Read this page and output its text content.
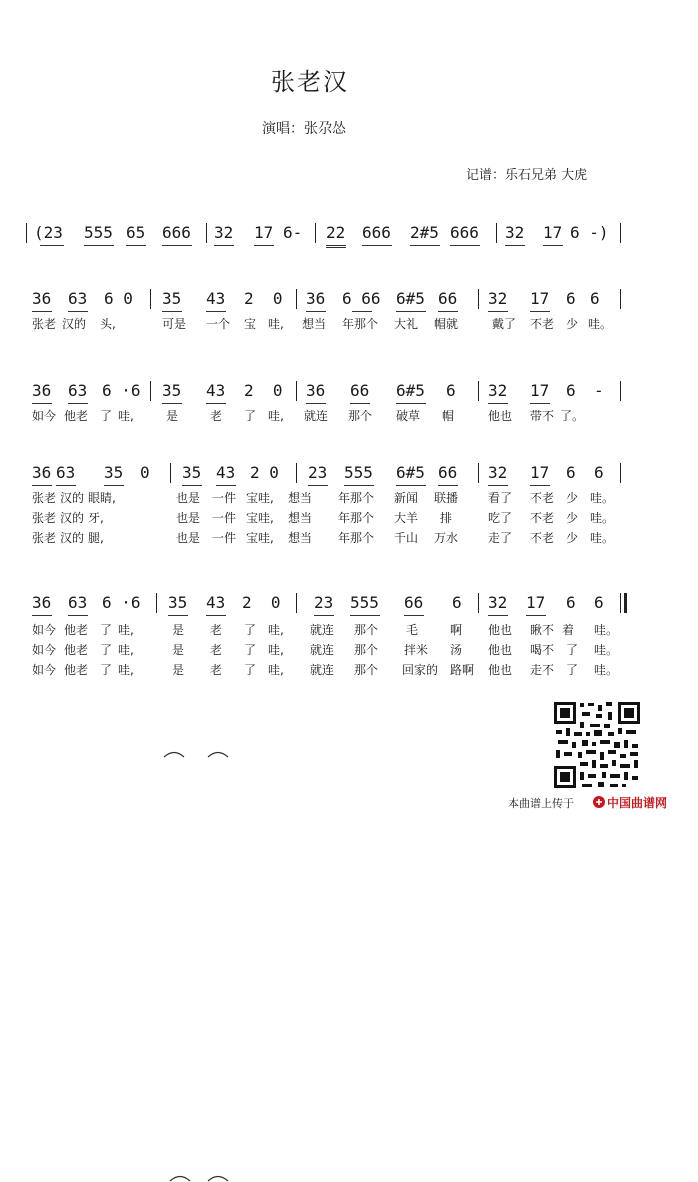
张老汉
演唱：张尕怂
记谱：乐石兄弟 大虎
(23 555 65 666 32 17 6- 22 666 2#5 666 32 17 6 -)
36 63 6 0 35 43 2  0 36 6 66 6#5 66 32 17 6 6
张老 汉的 头,	可是 一个 宝 哇, 想当 年那个 大礼 帽就	戴了 不老 少 哇。
36 63 6 ·6 35 43 2  0 36 66 6#5 6 32 17 6 -
如今 他老 了 哇,	是	老 了 哇, 就连 那个 破草 帽	他也 带不 了。
36 63 35 0 35 43 2 0 23 555 6#5 66 32 17 6 6
张老 汉的 眼睛,	也是 一件 宝哇, 想当 年那个 新闻 联播 看了 不老 少 哇。
张老 汉的 牙,	也是 一件 宝哇, 想当 年那个 大羊 排	吃了 不老 少 哇。
张老 汉的 腿,	也是 一件 宝哇, 想当 年那个 千山 万水 走了 不老 少 哇。
36 63 6 ·6 35 43 2  0 23 555 66 6 32 17 6 6
如今 他老 了 哇,	是 老 了 哇, 就连 那个 毛	啊 他也 瞅不 着 哇。
如今 他老 了 哇,	是 老 了 哇, 就连 那个 拌米 汤 他也 喝不 了 哇。
如今 他老 了 哇,	是 老 了 哇, 就连 那个 回家的 路啊 他也 走不 了 哇。
本曲谱上传于	中国曲谱网
